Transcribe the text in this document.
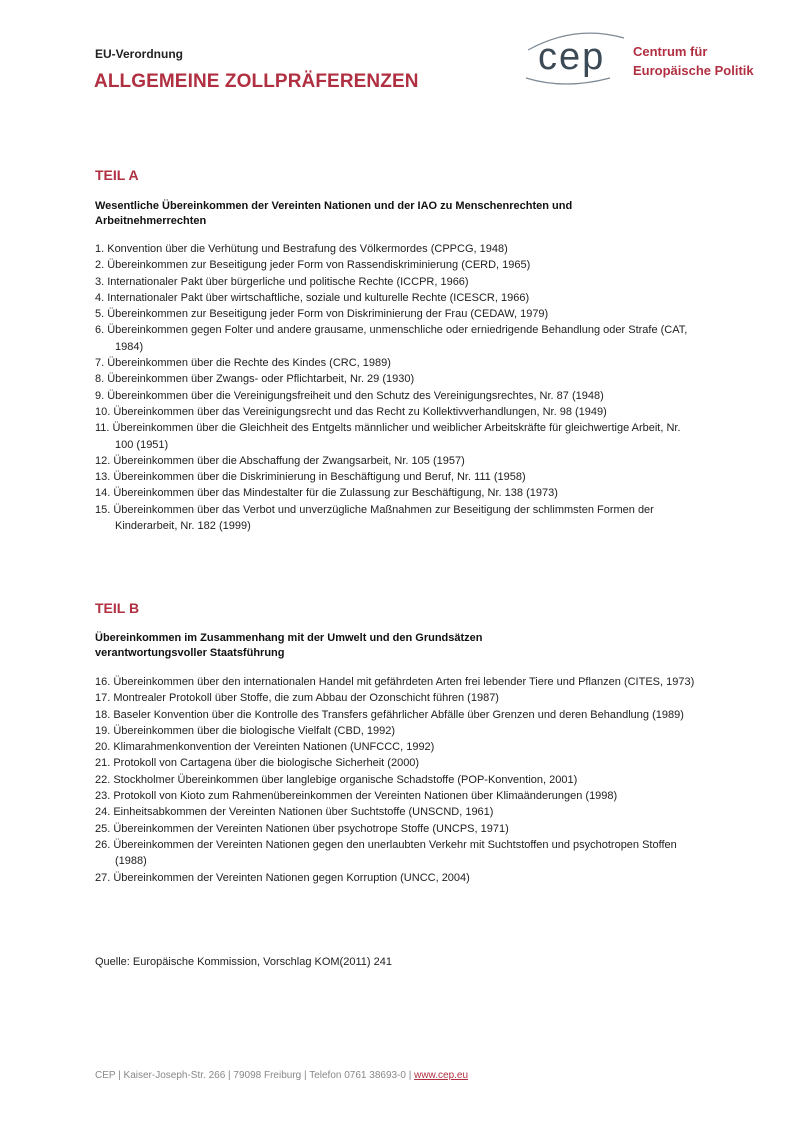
EU-Verordnung
ALLGEMEINE ZOLLPRÄFERENZEN
cep Centrum für
Europäische Politik
TEIL A
Wesentliche Übereinkommen der Vereinten Nationen und der IAO zu Menschenrechten und Arbeitnehmerrechten
1. Konvention über die Verhütung und Bestrafung des Völkermordes (CPPCG, 1948)
2. Übereinkommen zur Beseitigung jeder Form von Rassendiskriminierung (CERD, 1965)
3. Internationaler Pakt über bürgerliche und politische Rechte (ICCPR, 1966)
4. Internationaler Pakt über wirtschaftliche, soziale und kulturelle Rechte (ICESCR, 1966)
5. Übereinkommen zur Beseitigung jeder Form von Diskriminierung der Frau (CEDAW, 1979)
6. Übereinkommen gegen Folter und andere grausame, unmenschliche oder erniedrigende Behandlung oder Strafe (CAT, 1984)
7. Übereinkommen über die Rechte des Kindes (CRC, 1989)
8. Übereinkommen über Zwangs- oder Pflichtarbeit, Nr. 29 (1930)
9. Übereinkommen über die Vereinigungsfreiheit und den Schutz des Vereinigungsrechtes, Nr. 87 (1948)
10. Übereinkommen über das Vereinigungsrecht und das Recht zu Kollektivverhandlungen, Nr. 98 (1949)
11. Übereinkommen über die Gleichheit des Entgelts männlicher und weiblicher Arbeitskräfte für gleichwertige Arbeit, Nr. 100 (1951)
12. Übereinkommen über die Abschaffung der Zwangsarbeit, Nr. 105 (1957)
13. Übereinkommen über die Diskriminierung in Beschäftigung und Beruf, Nr. 111 (1958)
14. Übereinkommen über das Mindestalter für die Zulassung zur Beschäftigung, Nr. 138 (1973)
15. Übereinkommen über das Verbot und unverzügliche Maßnahmen zur Beseitigung der schlimmsten Formen der Kinderarbeit, Nr. 182 (1999)
TEIL B
Übereinkommen im Zusammenhang mit der Umwelt und den Grundsätzen
verantwortungsvoller Staatsführung
16. Übereinkommen über den internationalen Handel mit gefährdeten Arten frei lebender Tiere und Pflanzen (CITES, 1973)
17. Montrealer Protokoll über Stoffe, die zum Abbau der Ozonschicht führen (1987)
18. Baseler Konvention über die Kontrolle des Transfers gefährlicher Abfälle über Grenzen und deren Behandlung (1989)
19. Übereinkommen über die biologische Vielfalt (CBD, 1992)
20. Klimarahmenkonvention der Vereinten Nationen (UNFCCC, 1992)
21. Protokoll von Cartagena über die biologische Sicherheit (2000)
22. Stockholmer Übereinkommen über langlebige organische Schadstoffe (POP-Konvention, 2001)
23. Protokoll von Kioto zum Rahmenübereinkommen der Vereinten Nationen über Klimaänderungen (1998)
24. Einheitsabkommen der Vereinten Nationen über Suchtstoffe (UNSCND, 1961)
25. Übereinkommen der Vereinten Nationen über psychotrope Stoffe (UNCPS, 1971)
26. Übereinkommen der Vereinten Nationen gegen den unerlaubten Verkehr mit Suchtstoffen und psychotropen Stoffen (1988)
27. Übereinkommen der Vereinten Nationen gegen Korruption (UNCC, 2004)
Quelle: Europäische Kommission, Vorschlag KOM(2011) 241
CEP | Kaiser-Joseph-Str. 266 | 79098 Freiburg | Telefon 0761 38693-0 | www.cep.eu
